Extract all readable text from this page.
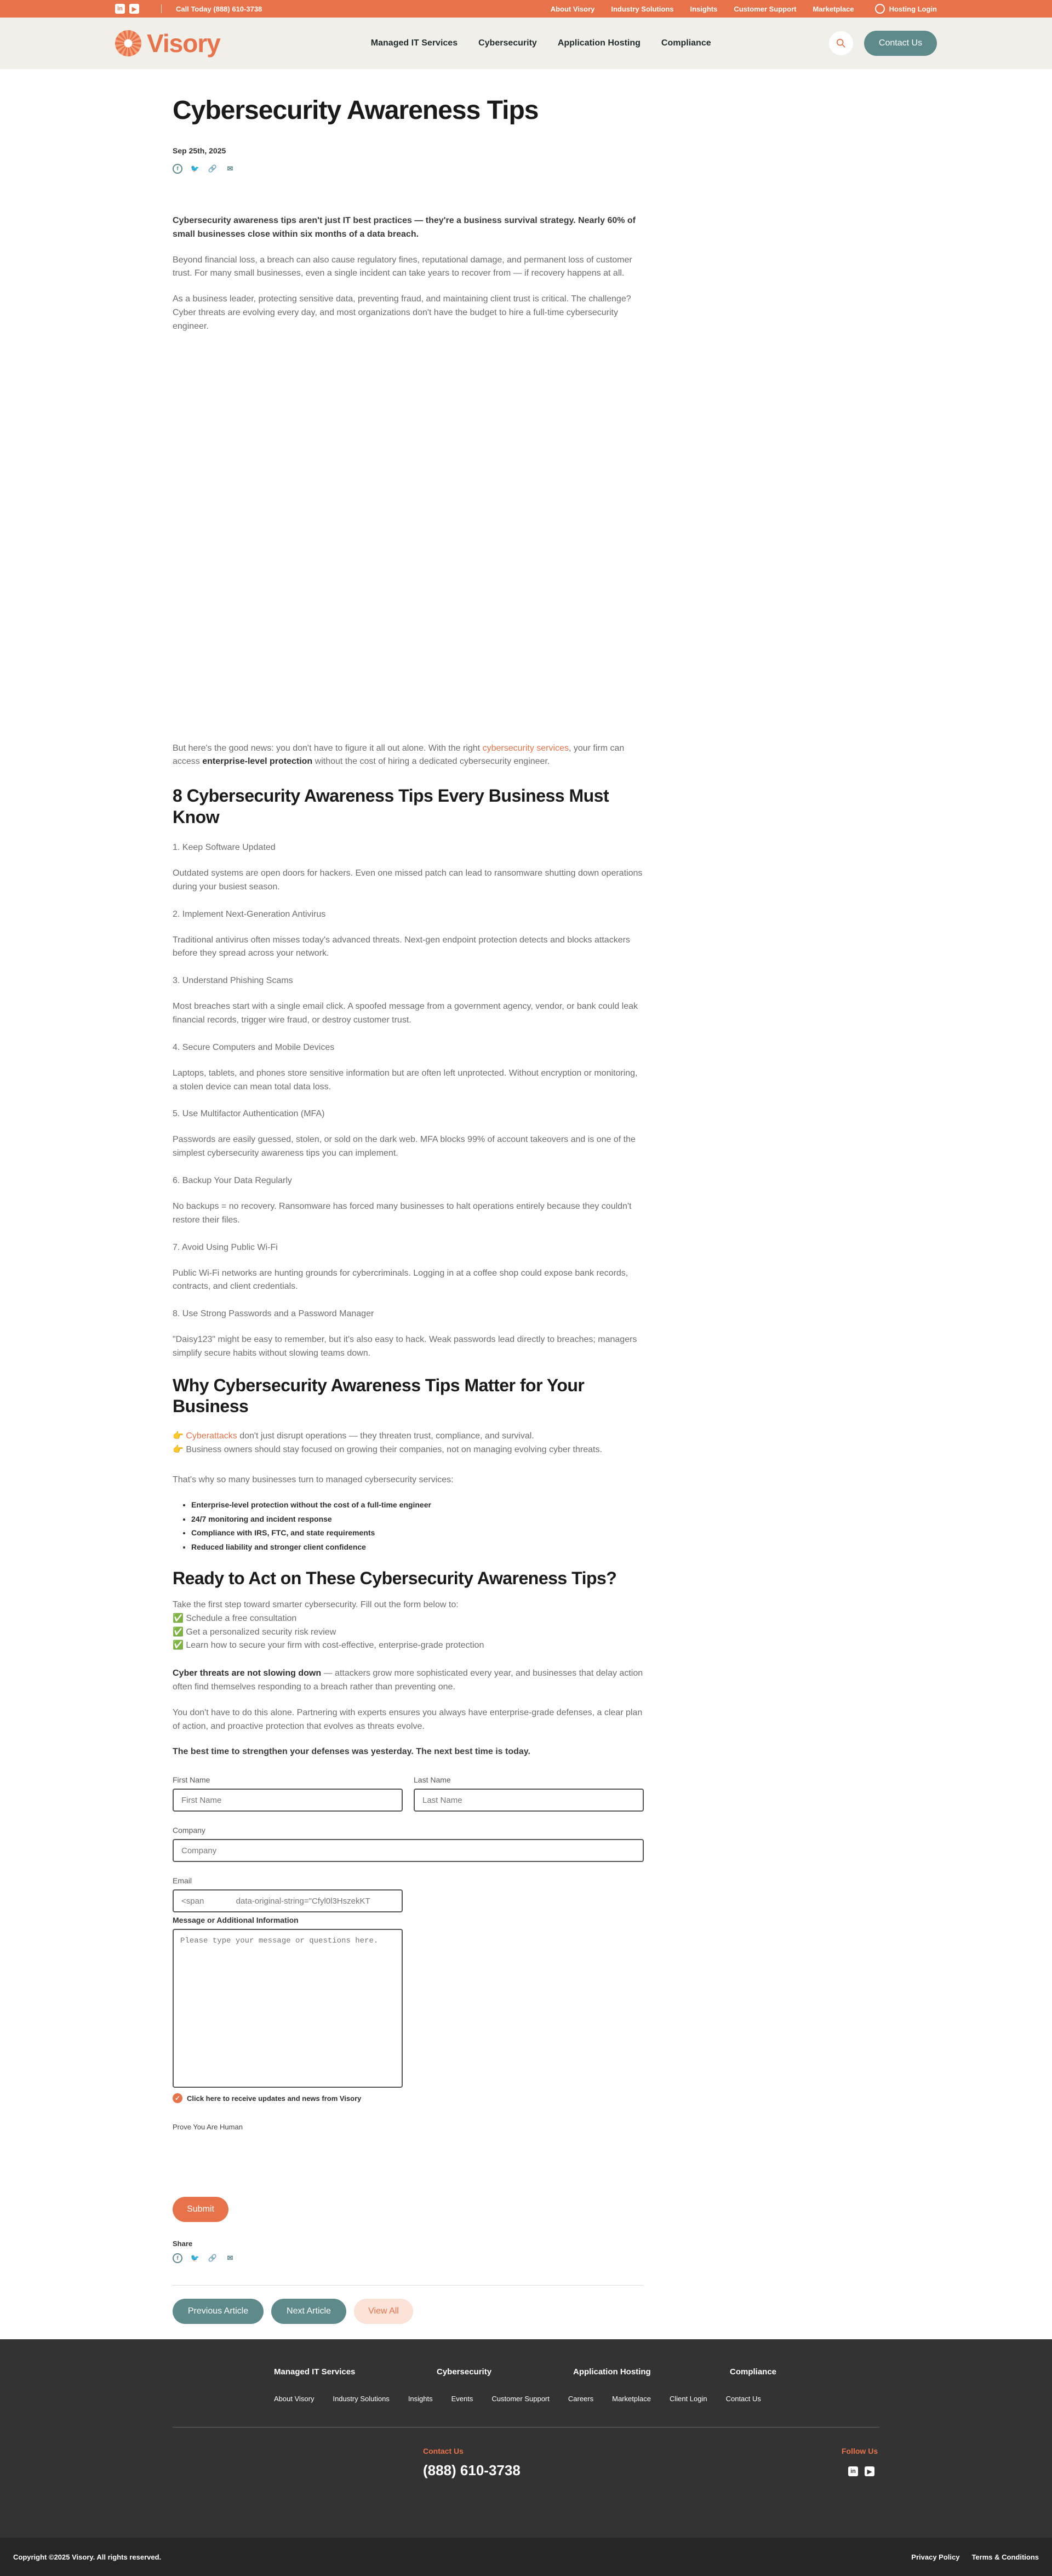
in	▶	Call Today (888) 610-3738	About Visory Industry Solutions Insights Customer Support Marketplace	Hosting Login
Visory	Managed IT Services Cybersecurity Application Hosting Compliance	Contact Us
Cybersecurity Awareness Tips
Sep 25th, 2025
f	🐦 🔗 ✉

Cybersecurity awareness tips aren't just IT best practices — they're a business survival strategy. Nearly 60% of small businesses close within six months of a data breach.

Beyond financial loss, a breach can also cause regulatory fines, reputational damage, and permanent loss of customer trust. For many small businesses, even a single incident can take years to recover from — if recovery happens at all.

As a business leader, protecting sensitive data, preventing fraud, and maintaining client trust is critical. The challenge? Cyber threats are evolving every day, and most organizations don't have the budget to hire a full-time cybersecurity engineer.

But here's the good news: you don't have to figure it all out alone. With the right cybersecurity services, your firm can access enterprise-level protection without the cost of hiring a dedicated cybersecurity engineer.

8 Cybersecurity Awareness Tips Every Business Must Know
1. Keep Software Updated

Outdated systems are open doors for hackers. Even one missed patch can lead to ransomware shutting down operations during your busiest season.

2. Implement Next-Generation Antivirus

Traditional antivirus often misses today's advanced threats. Next-gen endpoint protection detects and blocks attackers before they spread across your network.

3. Understand Phishing Scams

Most breaches start with a single email click. A spoofed message from a government agency, vendor, or bank could leak financial records, trigger wire fraud, or destroy customer trust.

4. Secure Computers and Mobile Devices

Laptops, tablets, and phones store sensitive information but are often left unprotected. Without encryption or monitoring, a stolen device can mean total data loss.

5. Use Multifactor Authentication (MFA)

Passwords are easily guessed, stolen, or sold on the dark web. MFA blocks 99% of account takeovers and is one of the simplest cybersecurity awareness tips you can implement.

6. Backup Your Data Regularly

No backups = no recovery. Ransomware has forced many businesses to halt operations entirely because they couldn't restore their files.

7. Avoid Using Public Wi-Fi

Public Wi-Fi networks are hunting grounds for cybercriminals. Logging in at a coffee shop could expose bank records, contracts, and client credentials.

8. Use Strong Passwords and a Password Manager

"Daisy123" might be easy to remember, but it's also easy to hack. Weak passwords lead directly to breaches; managers simplify secure habits without slowing teams down.

Why Cybersecurity Awareness Tips Matter for Your Business

👉 Cyberattacks don't just disrupt operations — they threaten trust, compliance, and survival.

👉 Business owners should stay focused on growing their companies, not on managing evolving cyber threats.

That's why so many businesses turn to managed cybersecurity services:

• Enterprise-level protection without the cost of a full-time engineer
• 24/7 monitoring and incident response
• Compliance with IRS, FTC, and state requirements
• Reduced liability and stronger client confidence
Ready to Act on These Cybersecurity Awareness Tips?

Take the first step toward smarter cybersecurity. Fill out the form below to:

✅ Schedule a free consultation

✅ Get a personalized security risk review

✅ Learn how to secure your firm with cost-effective, enterprise-grade protection

Cyber threats are not slowing down — attackers grow more sophisticated every year, and businesses that delay action often find themselves responding to a breach rather than preventing one.

You don't have to do this alone. Partnering with experts ensures you always have enterprise-grade defenses, a clear plan of action, and proactive protection that evolves as threats evolve.

The best time to strengthen your defenses was yesterday. The next best time is today.

First Name
First Name	Last Name
Last Name
Company
Company
Email
<span data-original-string="Cfyl0l3HszekKT
Message or Additional Information
Please type your message or questions here.
✓ Click here to receive updates and news from Visory
Prove You Are Human
Submit
Share
f	🐦 🔗 ✉
Previous Article	Next Article	View All
Managed IT Services	Cybersecurity	Application Hosting	Compliance
About Visory	Industry Solutions	Insights	Events	Customer Support	Careers	Marketplace	Client Login	Contact Us
Contact Us
(888) 610-3738
Follow Us
in	▶
Copyright ©2025 Visory. All rights reserved.	Privacy Policy Terms & Conditions
